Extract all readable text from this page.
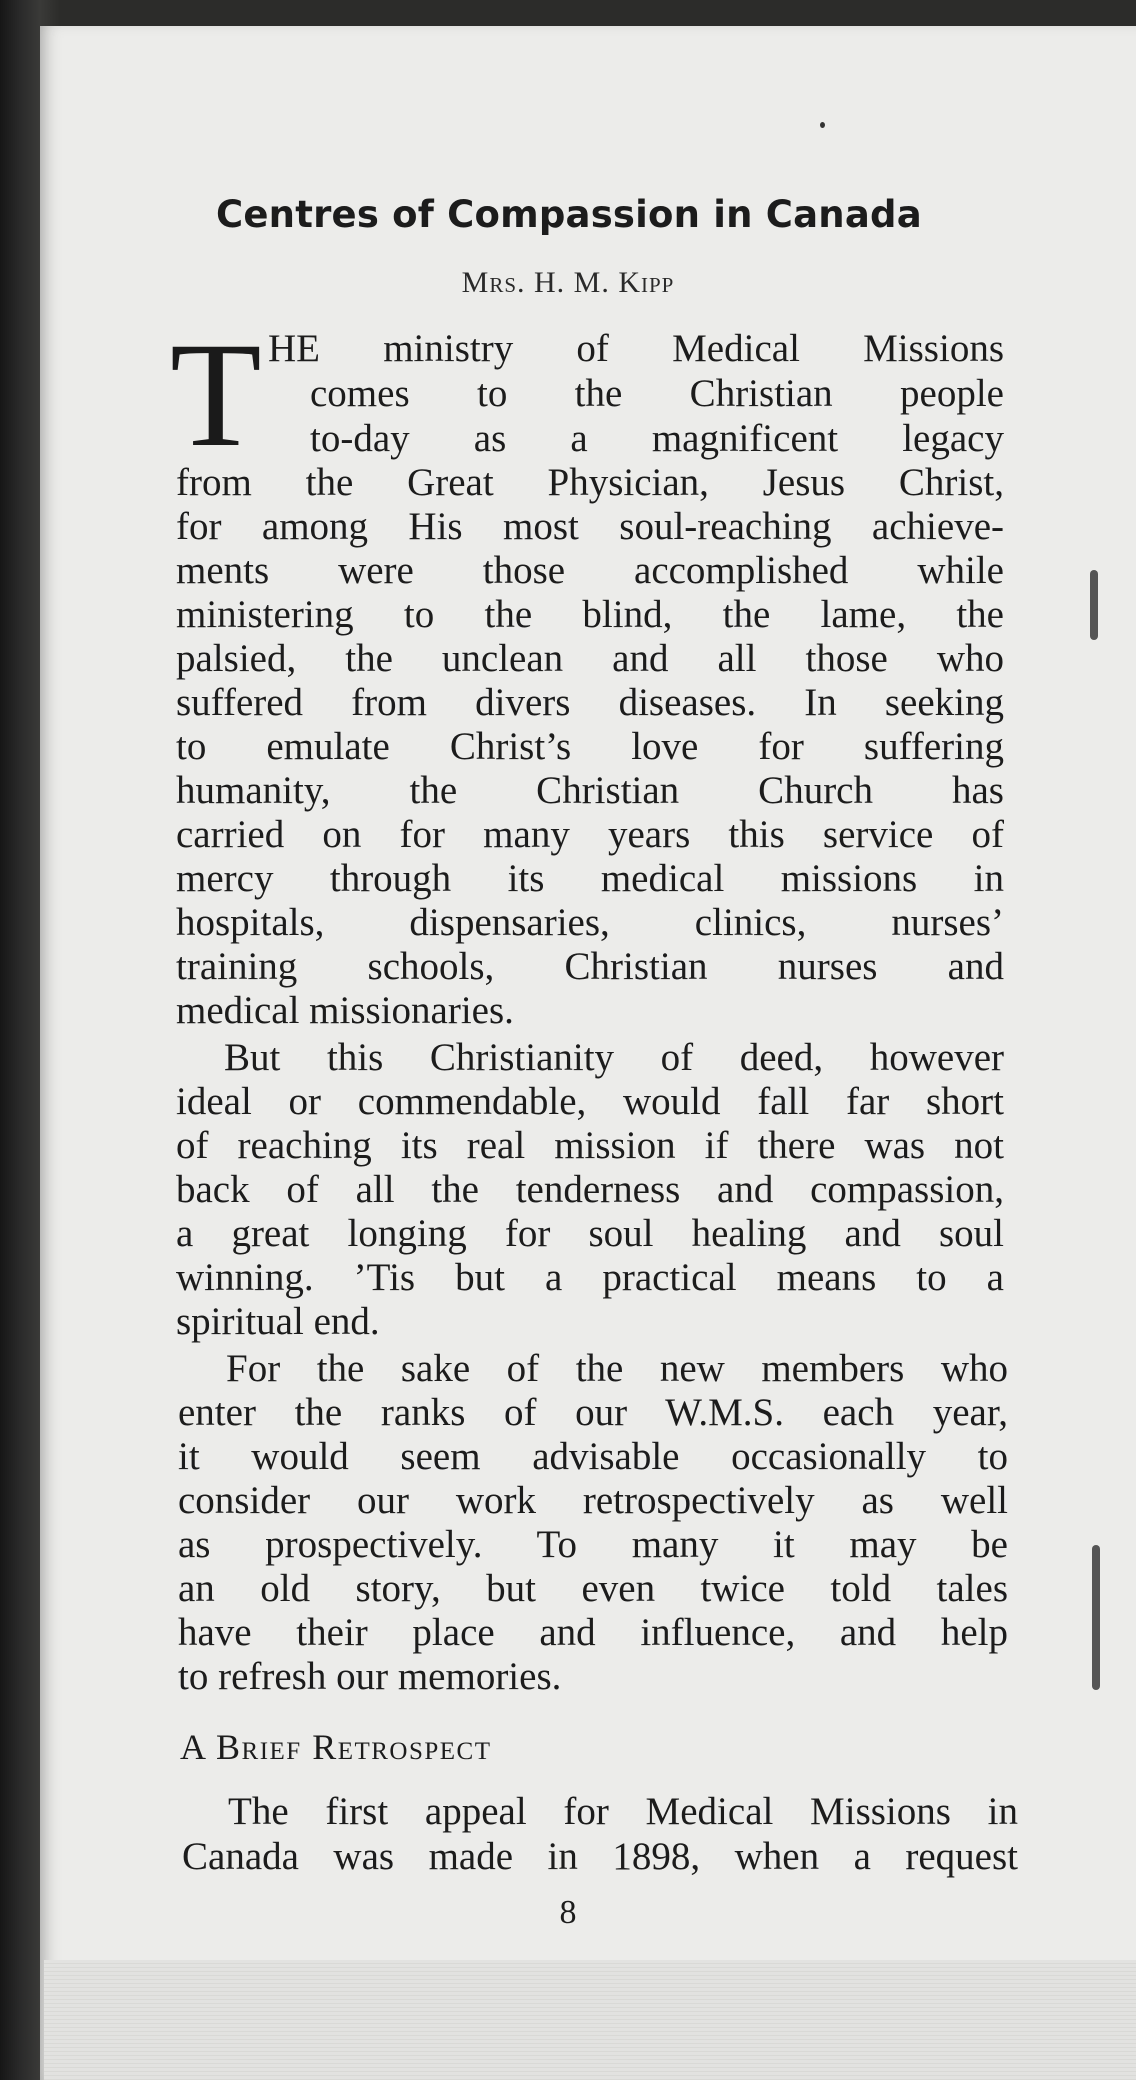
Centres of Compassion in Canada
Mrs. H. M. Kipp
T HE ministry of Medical Missions
comes to the Christian people
to-day as a magnificent legacy
from the Great Physician, Jesus Christ,
for among His most soul-reaching achieve-
ments were those accomplished while
ministering to the blind, the lame, the
palsied, the unclean and all those who
suffered from divers diseases. In seeking
to emulate Christ’s love for suffering
humanity, the Christian Church has
carried on for many years this service of
mercy through its medical missions in
hospitals, dispensaries, clinics, nurses’
training schools, Christian nurses and
medical missionaries.
But this Christianity of deed, however
ideal or commendable, would fall far short
of reaching its real mission if there was not
back of all the tenderness and compassion,
a great longing for soul healing and soul
winning. ’Tis but a practical means to a
spiritual end.
For the sake of the new members who
enter the ranks of our W.M.S. each year,
it would seem advisable occasionally to
consider our work retrospectively as well
as prospectively. To many it may be
an old story, but even twice told tales
have their place and influence, and help
to refresh our memories.
A Brief Retrospect
The first appeal for Medical Missions in
Canada was made in 1898, when a request
8
